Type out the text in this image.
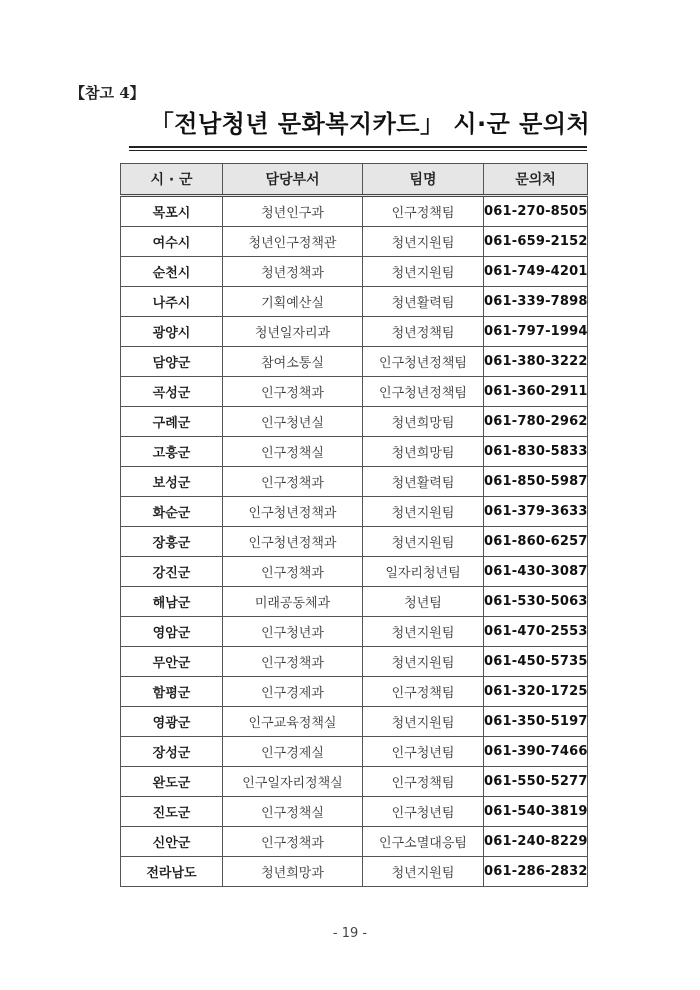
【참고 4】
「전남청년 문화복지카드」 시·군 문의처
시 · 군	담당부서	팀명	문의처
목포시	청년인구과	인구정책팀	061-270-8505
여수시	청년인구정책관	청년지원팀	061-659-2152
순천시	청년정책과	청년지원팀	061-749-4201
나주시	기획예산실	청년활력팀	061-339-7898
광양시	청년일자리과	청년정책팀	061-797-1994
담양군	참여소통실	인구청년정책팀	061-380-3222
곡성군	인구정책과	인구청년정책팀	061-360-2911
구례군	인구청년실	청년희망팀	061-780-2962
고흥군	인구정책실	청년희망팀	061-830-5833
보성군	인구정책과	청년활력팀	061-850-5987
화순군	인구청년정책과	청년지원팀	061-379-3633
장흥군	인구청년정책과	청년지원팀	061-860-6257
강진군	인구정책과	일자리청년팀	061-430-3087
해남군	미래공동체과	청년팀	061-530-5063
영암군	인구청년과	청년지원팀	061-470-2553
무안군	인구정책과	청년지원팀	061-450-5735
함평군	인구경제과	인구정책팀	061-320-1725
영광군	인구교육정책실	청년지원팀	061-350-5197
장성군	인구경제실	인구청년팀	061-390-7466
완도군	인구일자리정책실	인구정책팀	061-550-5277
진도군	인구정책실	인구청년팀	061-540-3819
신안군	인구정책과	인구소멸대응팀	061-240-8229
전라남도	청년희망과	청년지원팀	061-286-2832
- 19 -
